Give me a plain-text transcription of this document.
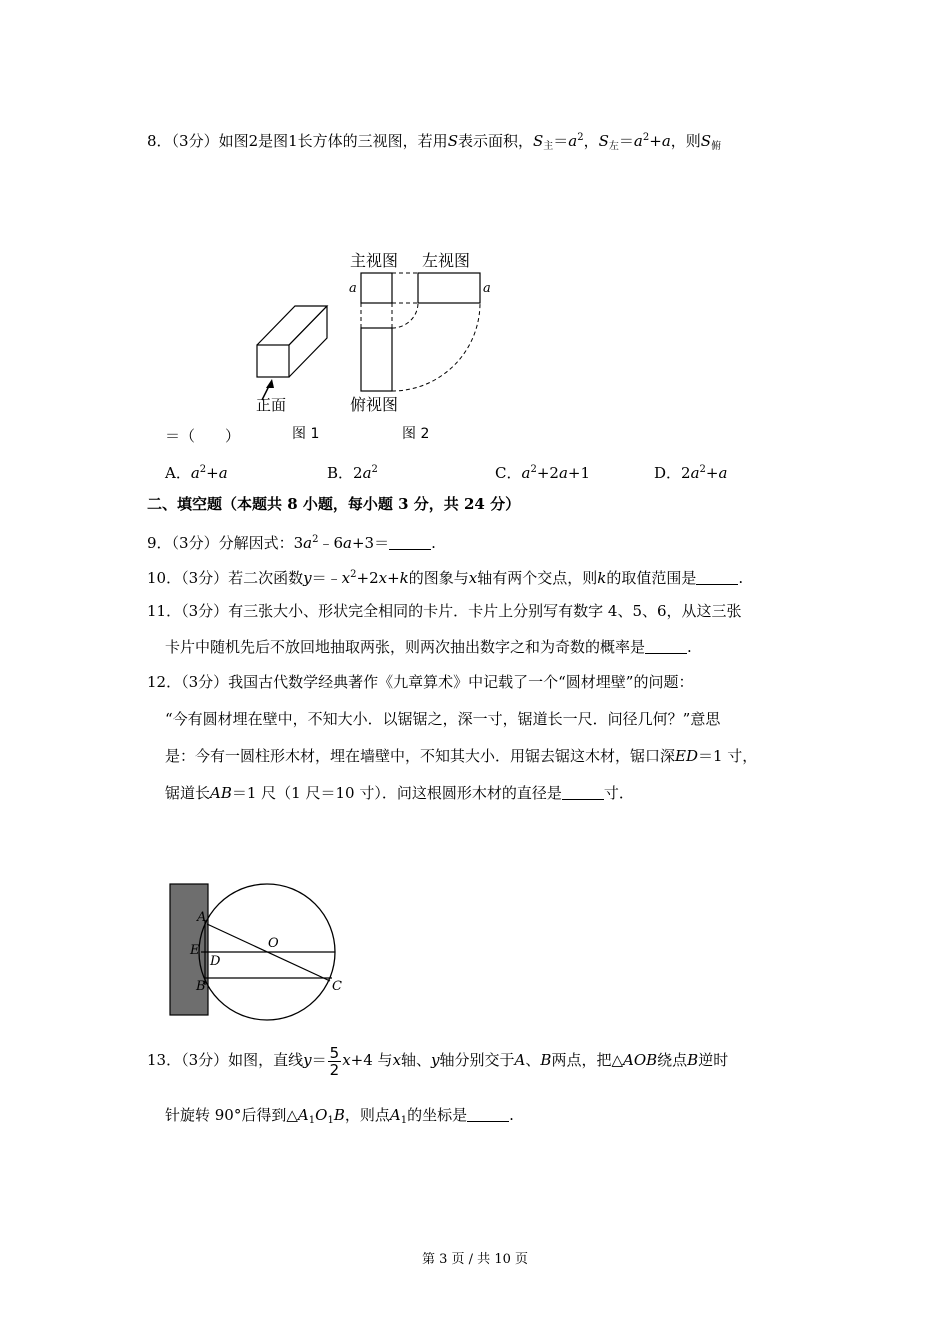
8．（3分）如图2是图1长方体的三视图，若用S表示面积，$S_主=a^2$，$S_左=a^2+a$，则$S_俯$
正面
图 1
主视图 左视图
a	a
俯视图
图 2
＝（　　）
A．$a^2+a$	B．$2a^2$	C．$a^2+2a+1$	D．$2a^2+a$
二、填空题（本题共 8 小题，每小题 3 分，共 24 分）
9．（3分）分解因式：$3a^2﹣6a+3=$	.
10．（3分）若二次函数$y=﹣x^2+2x+k$的图象与x轴有两个交点，则k的取值范围是	.
11．（3分）有三张大小、形状完全相同的卡片．卡片上分别写有数字 4、5、6，从这三张
卡片中随机先后不放回地抽取两张，则两次抽出数字之和为奇数的概率是	.
12．（3分）我国古代数学经典著作《九章算术》中记载了一个“圆材埋壁”的问题：
“今有圆材埋在壁中，不知大小．以锯锯之，深一寸，锯道长一尺．问径几何？”意思
是：今有一圆柱形木材，埋在墙壁中，不知其大小．用锯去锯这木材，锯口深ED＝1 寸，
锯道长AB＝1 尺（1 尺＝10 寸）．问这根圆形木材的直径是	寸．
A
E
B
O
D
C
13．（3分）如图，直线$y= \frac{5}{2} x+4$ 与x轴、y轴分别交于A、B两点，把△AOB绕点B逆时
针旋转 90°后得到$\triangle A_1O_1B$，则点$A_1$的坐标是	.
第 3 页 / 共 10 页
